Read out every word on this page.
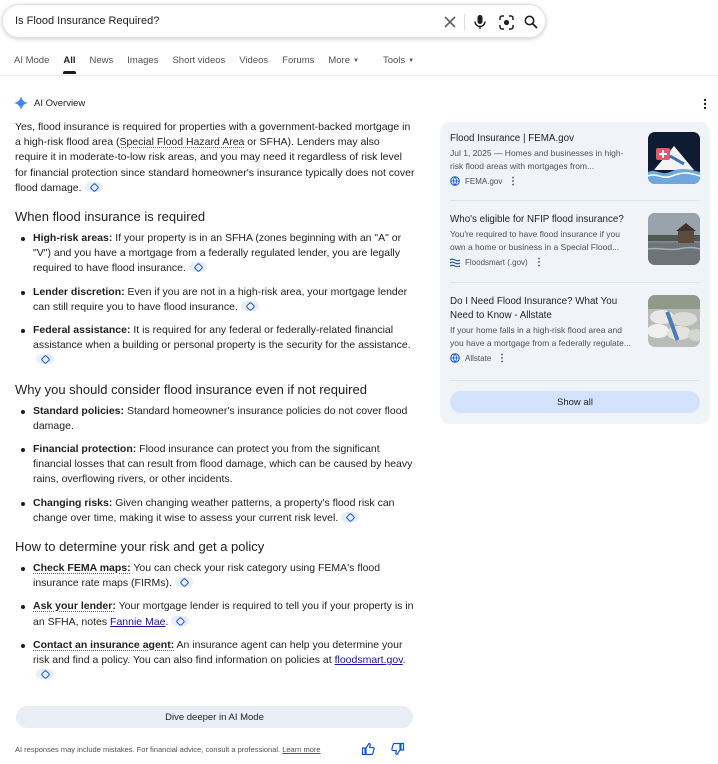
Is Flood Insurance Required?
AI Mode All News Images Short videos Videos Forums More ▼	Tools ▼
AI Overview

Yes, flood insurance is required for properties with a government-backed mortgage in a high-risk flood area (Special Flood Hazard Area or SFHA). Lenders may also require it in moderate-to-low risk areas, and you may need it regardless of risk level for financial protection since standard homeowner's insurance typically does not cover flood damage.

When flood insurance is required
High-risk areas: If your property is in an SFHA (zones beginning with an "A" or "V") and you have a mortgage from a federally regulated lender, you are legally required to have flood insurance.
Lender discretion: Even if you are not in a high-risk area, your mortgage lender can still require you to have flood insurance.
Federal assistance: It is required for any federal or federally-related financial assistance when a building or personal property is the security for the assistance.
Why you should consider flood insurance even if not required
Standard policies: Standard homeowner's insurance policies do not cover flood damage.
Financial protection: Flood insurance can protect you from the significant financial losses that can result from flood damage, which can be caused by heavy rains, overflowing rivers, or other incidents.
Changing risks: Given changing weather patterns, a property's flood risk can change over time, making it wise to assess your current risk level.
How to determine your risk and get a policy
Check FEMA maps: You can check your risk category using FEMA's flood insurance rate maps (FIRMs).
Ask your lender: Your mortgage lender is required to tell you if your property is in an SFHA, notes Fannie Mae.
Contact an insurance agent: An insurance agent can help you determine your risk and find a policy. You can also find information on policies at floodsmart.gov.
Dive deeper in AI Mode
AI responses may include mistakes. For financial advice, consult a professional. Learn more
Flood Insurance | FEMA.gov
Jul 1, 2025 — Homes and businesses in high-risk flood areas with mortgages from...
FEMA.gov
Who's eligible for NFIP flood insurance?
You're required to have flood insurance if you own a home or business in a Special Flood...
Floodsmart (.gov)
Do I Need Flood Insurance? What You Need to Know - Allstate
If your home falls in a high-risk flood area and you have a mortgage from a federally regulate...
Allstate
Show all
